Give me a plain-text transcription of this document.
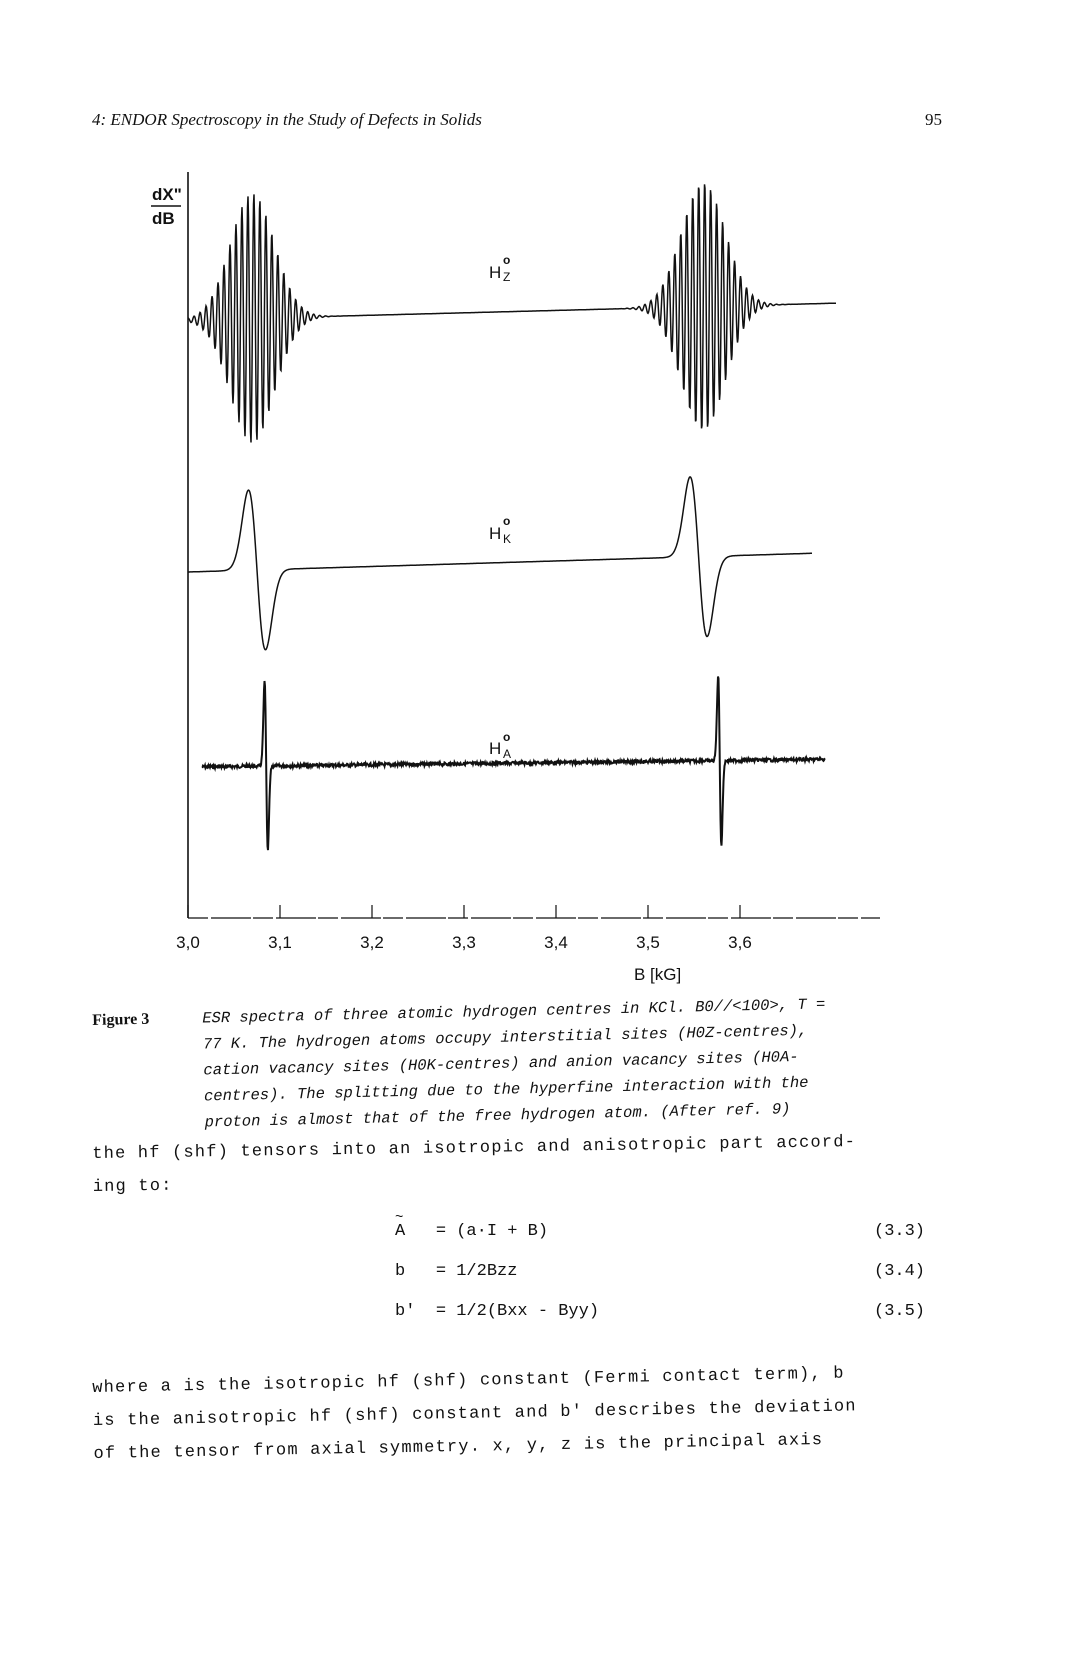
4: ENDOR Spectroscopy in the Study of Defects in Solids	95
dX"
dB
H
o
Z
H
o
K
H
o
A
3,0	3,1	3,2	3,3	3,4	3,5	3,6
B [kG]
Figure 3	ESR spectra of three atomic hydrogen centres in KCl. B0//<100>, T =
77 K. The hydrogen atoms occupy interstitial sites (H0Z-centres),
cation vacancy sites (H0K-centres) and anion vacancy sites (H0A-
centres). The splitting due to the hyperfine interaction with the
proton is almost that of the free hydrogen atom. (After ref. 9)
the hf (shf) tensors into an isotropic and anisotropic part accord-
ing to:
~ A = (a·I + B)	(3.3)
b = 1/2Bzz	(3.4)
b' = 1/2(Bxx - Byy)	(3.5)
where a is the isotropic hf (shf) constant (Fermi contact term), b
is the anisotropic hf (shf) constant and b' describes the deviation
of the tensor from axial symmetry. x, y, z is the principal axis
